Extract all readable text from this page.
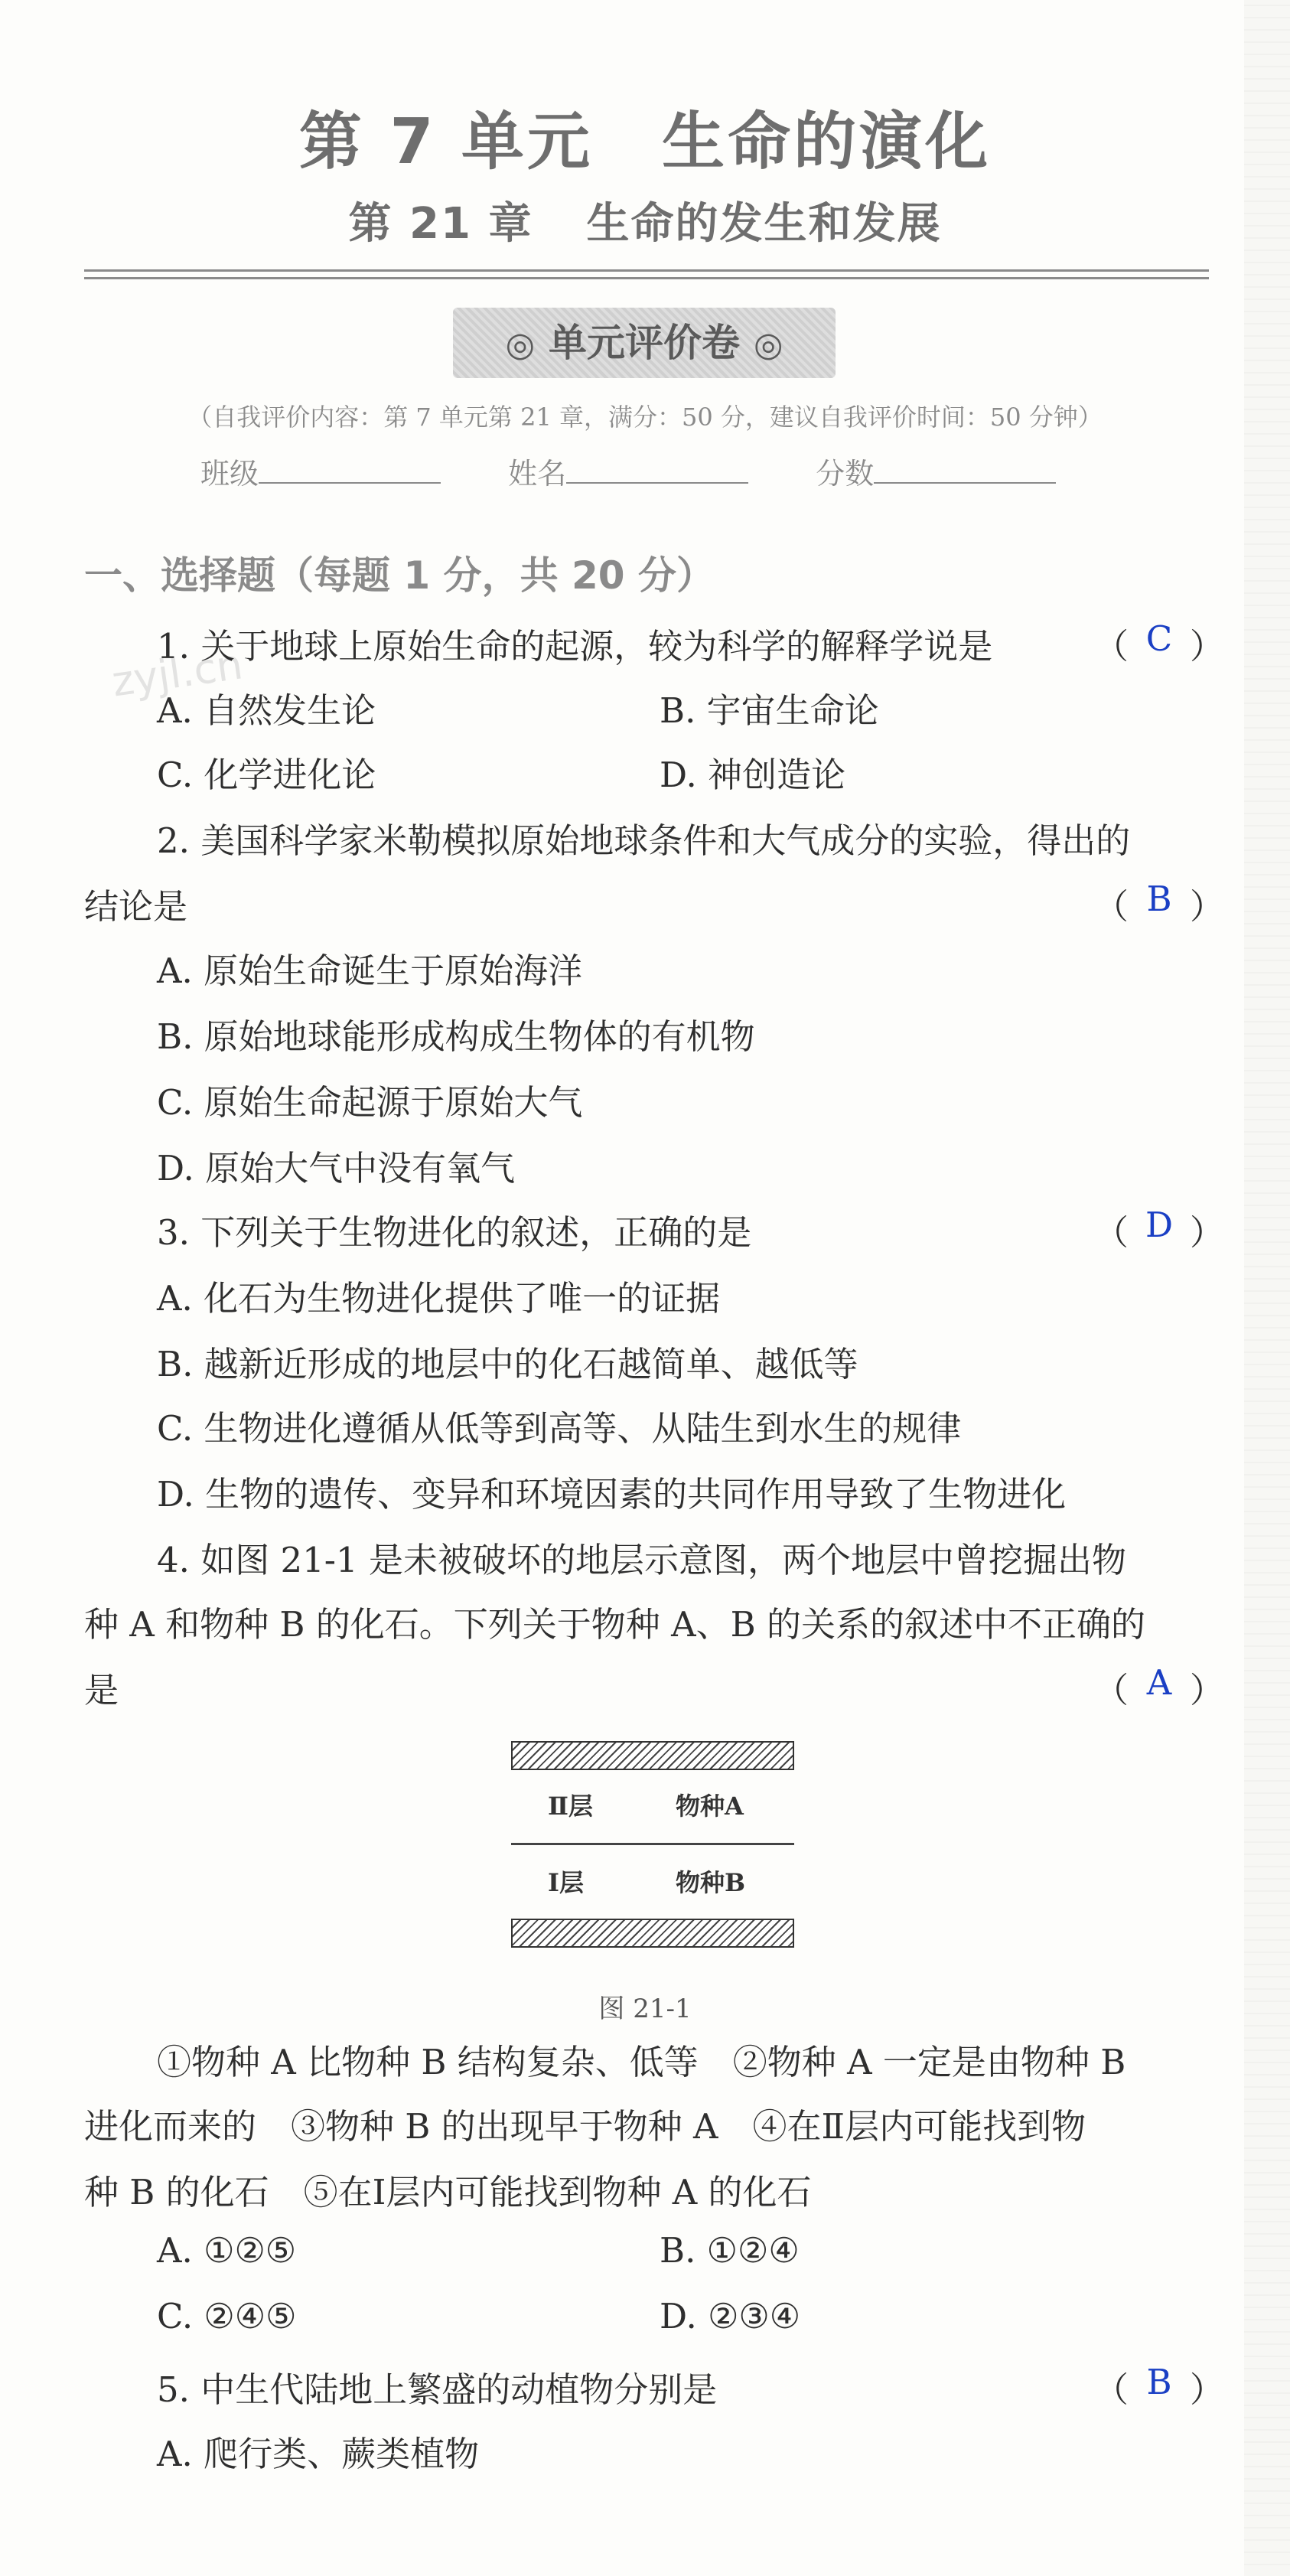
第 7 单元 生命的演化
第 21 章 生命的发生和发展
◎ 单元评价卷 ◎
（自我评价内容：第 7 单元第 21 章，满分：50 分，建议自我评价时间：50 分钟）
班级	姓名	分数
一、选择题（每题 1 分，共 20 分）
zyjl.cn
1. 关于地球上原始生命的起源，较为科学的解释学说是	（ C ）
A. 自然发生论	B. 宇宙生命论
C. 化学进化论	D. 神创造论
2. 美国科学家米勒模拟原始地球条件和大气成分的实验，得出的
结论是	（ B ）
A. 原始生命诞生于原始海洋
B. 原始地球能形成构成生物体的有机物
C. 原始生命起源于原始大气
D. 原始大气中没有氧气
3. 下列关于生物进化的叙述，正确的是	（ D ）
A. 化石为生物进化提供了唯一的证据
B. 越新近形成的地层中的化石越简单、越低等
C. 生物进化遵循从低等到高等、从陆生到水生的规律
D. 生物的遗传、变异和环境因素的共同作用导致了生物进化
4. 如图 21-1 是未被破坏的地层示意图，两个地层中曾挖掘出物
种 A 和物种 B 的化石。下列关于物种 A、B 的关系的叙述中不正确的
是	（ A ）
Ⅱ层	物种A
Ⅰ层	物种B
图 21-1
①物种 A 比物种 B 结构复杂、低等　②物种 A 一定是由物种 B
进化而来的　③物种 B 的出现早于物种 A　④在Ⅱ层内可能找到物
种 B 的化石　⑤在Ⅰ层内可能找到物种 A 的化石
A. ①②⑤	B. ①②④
C. ②④⑤	D. ②③④
5. 中生代陆地上繁盛的动植物分别是	（ B ）
A. 爬行类、蕨类植物
